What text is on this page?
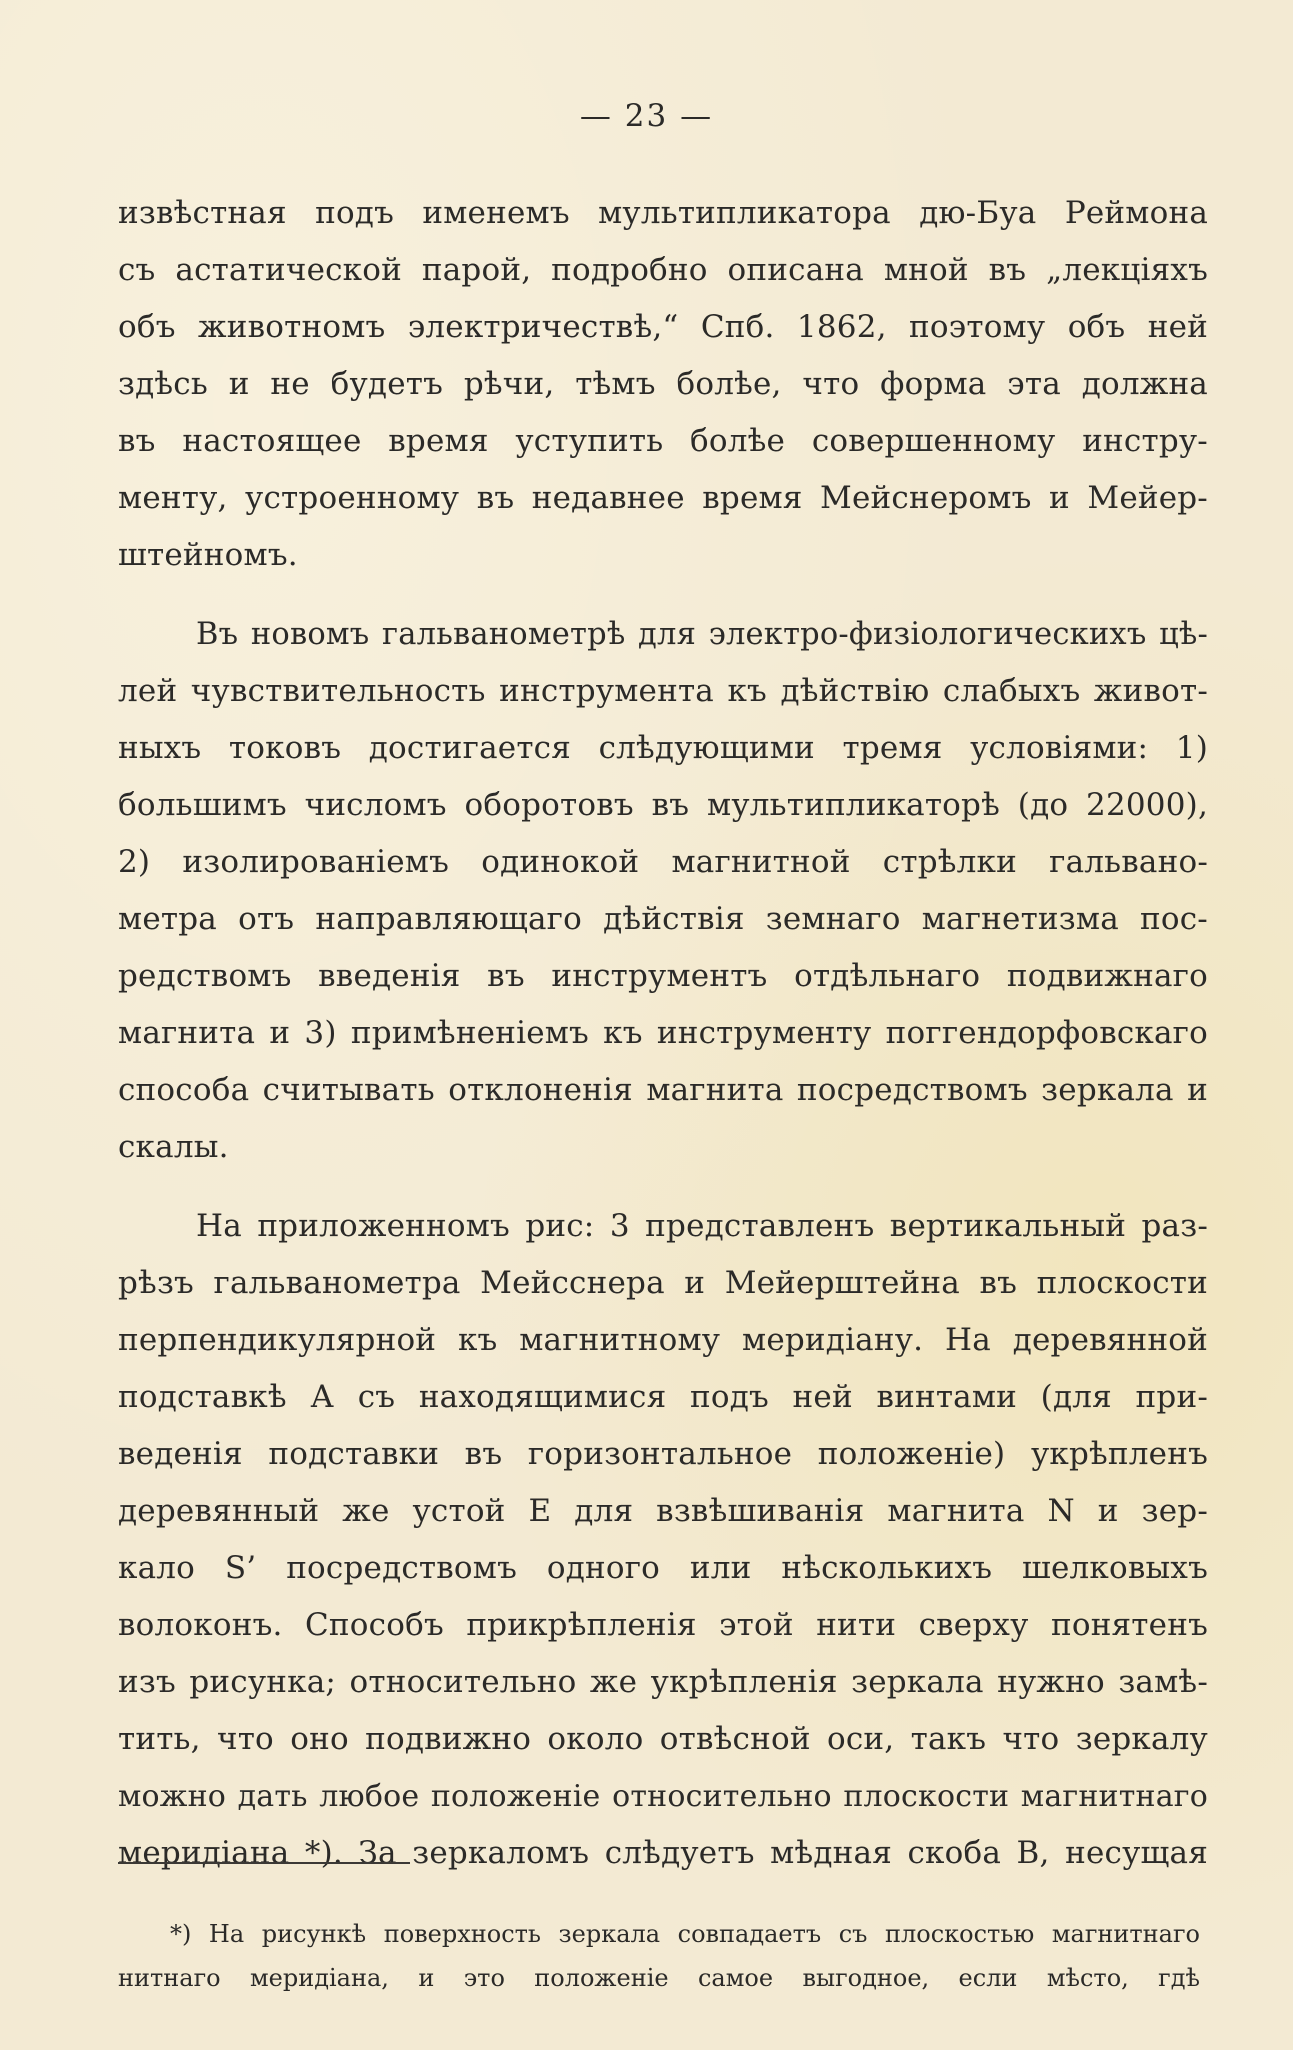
— 23 —
извѣстная подъ именемъ мультипликатора дю-Буа Реймона
съ астатической парой, подробно описана мной въ „лекціяхъ
объ животномъ электричествѣ,“ Спб. 1862, поэтому объ ней
здѣсь и не будетъ рѣчи, тѣмъ болѣе, что форма эта должна
въ настоящее время уступить болѣе совершенному инстру-
менту, устроенному въ недавнее время Мейснеромъ и Мейер-
штейномъ.
Въ новомъ гальванометрѣ для электро-физіологическихъ цѣ-
лей чувствительность инструмента къ дѣйствію слабыхъ живот-
ныхъ токовъ достигается слѣдующими тремя условіями: 1)
большимъ числомъ оборотовъ въ мультипликаторѣ (до 22000),
2) изолированіемъ одинокой магнитной стрѣлки гальвано-
метра отъ направляющаго дѣйствія земнаго магнетизма пос-
редствомъ введенія въ инструментъ отдѣльнаго подвижнаго
магнита и 3) примѣненіемъ къ инструменту поггендорфовскаго
способа считывать отклоненія магнита посредствомъ зеркала и
скалы.
На приложенномъ рис: 3 представленъ вертикальный раз-
рѣзъ гальванометра Мейсснера и Мейерштейна въ плоскости
перпендикулярной къ магнитному меридіану. На деревянной
подставкѣ А съ находящимися подъ ней винтами (для при-
веденія подставки въ горизонтальное положеніе) укрѣпленъ
деревянный же устой Е для взвѣшиванія магнита N и зер-
кало S’ посредствомъ одного или нѣсколькихъ шелковыхъ
волоконъ. Способъ прикрѣпленія этой нити сверху понятенъ
изъ рисунка; относительно же укрѣпленія зеркала нужно замѣ-
тить, что оно подвижно около отвѣсной оси, такъ что зеркалу
можно дать любое положеніе относительно плоскости магнитнаго
меридіана *). За зеркаломъ слѣдуетъ мѣдная скоба В, несущая
*) На рисункѣ поверхность зеркала совпадаетъ съ плоскостью магнитнаго
нитнаго меридіана, и это положеніе самое выгодное, если мѣсто, гдѣ
